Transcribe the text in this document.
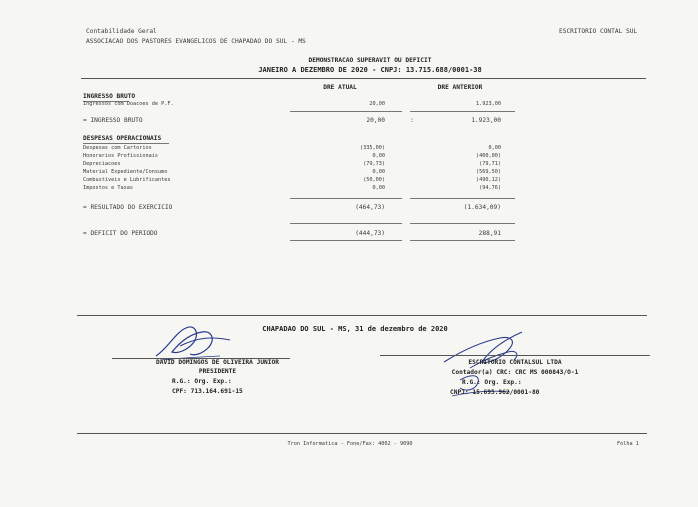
Contabilidade Geral
ASSOCIACAO DOS PASTORES EVANGELICOS DE CHAPADAO DO SUL - MS
ESCRITORIO CONTAL SUL
DEMONSTRACAO SUPERAVIT OU DEFICIT
JANEIRO A DEZEMBRO DE 2020 - CNPJ: 13.715.688/0001-38
DRE ATUAL	DRE ANTERIOR
INGRESSO BRUTO
Ingressos com Doacoes de P.F.	20,00	1.923,00
= INGRESSO BRUTO	20,00	:	1.923,00
DESPESAS OPERACIONAIS
Despesas com Cartorios	(335,00)	0,00
Honorarios Profissionais	0,00	(400,00)
Depreciacoes	(79,73)	(79,71)
Material Expediente/Consumo	0,00	(569,50)
Combustiveis e Lubrificantes	(50,00)	(490,12)
Impostos e Taxas	0,00	(94,76)
= RESULTADO DO EXERCICIO	(464,73)	(1.634,09)
= DEFICIT DO PERIODO	(444,73)	288,91
CHAPADAO DO SUL - MS, 31 de dezembro de 2020
DAVID DOMINGOS DE OLIVEIRA JUNIOR
PRESIDENTE
R.G.: Org. Exp.:
CPF: 713.164.691-15
ESCRITORIO CONTALSUL LTDA
Contador(a) CRC: CRC MS 000843/O-1
R.G.: Org. Exp.:
CNPJ: 15.695.962/0001-80
Tron Informatica - Fone/Fax: 4002 - 9090	Folha 1
